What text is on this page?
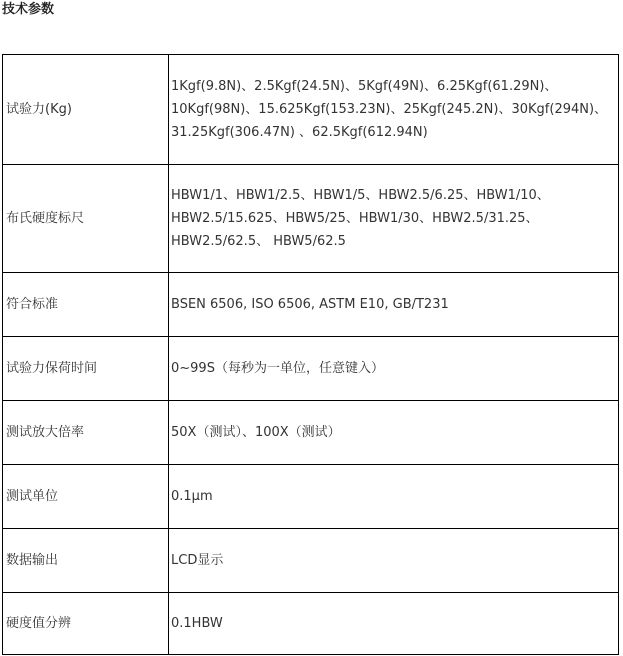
技术参数
试验力(Kg)	1Kgf(9.8N)、2.5Kgf(24.5N)、5Kgf(49N)、6.25Kgf(61.29N)、10Kgf(98N)、15.625Kgf(153.23N)、25Kgf(245.2N)、30Kgf(294N)、31.25Kgf(306.47N) 、62.5Kgf(612.94N)
布氏硬度标尺	HBW1/1、HBW1/2.5、HBW1/5、HBW2.5/6.25、HBW1/10、HBW2.5/15.625、HBW5/25、HBW1/30、HBW2.5/31.25、HBW2.5/62.5、 HBW5/62.5
符合标准	BSEN 6506, ISO 6506, ASTM E10, GB/T231
试验力保荷时间	0~99S（每秒为一单位，任意键入）
测试放大倍率	50X（测试）、100X（测试）
测试单位	0.1μm
数据输出	LCD显示
硬度值分辨	0.1HBW
